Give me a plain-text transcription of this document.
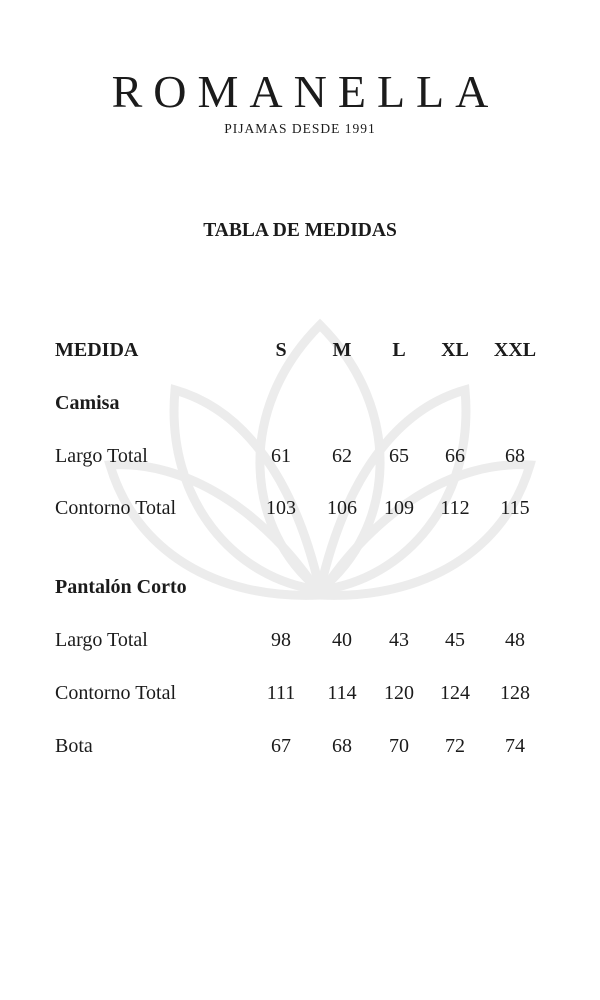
ROMANELLA
PIJAMAS DESDE 1991
TABLA DE MEDIDAS
MEDIDA	S	M	L	XL	XXL
Camisa
Largo Total	61	62	65	66	68
Contorno Total	103	106	109	112	115
Pantalón Corto
Largo Total	98	40	43	45	48
Contorno Total	111	114	120	124	128
Bota	67	68	70	72	74
